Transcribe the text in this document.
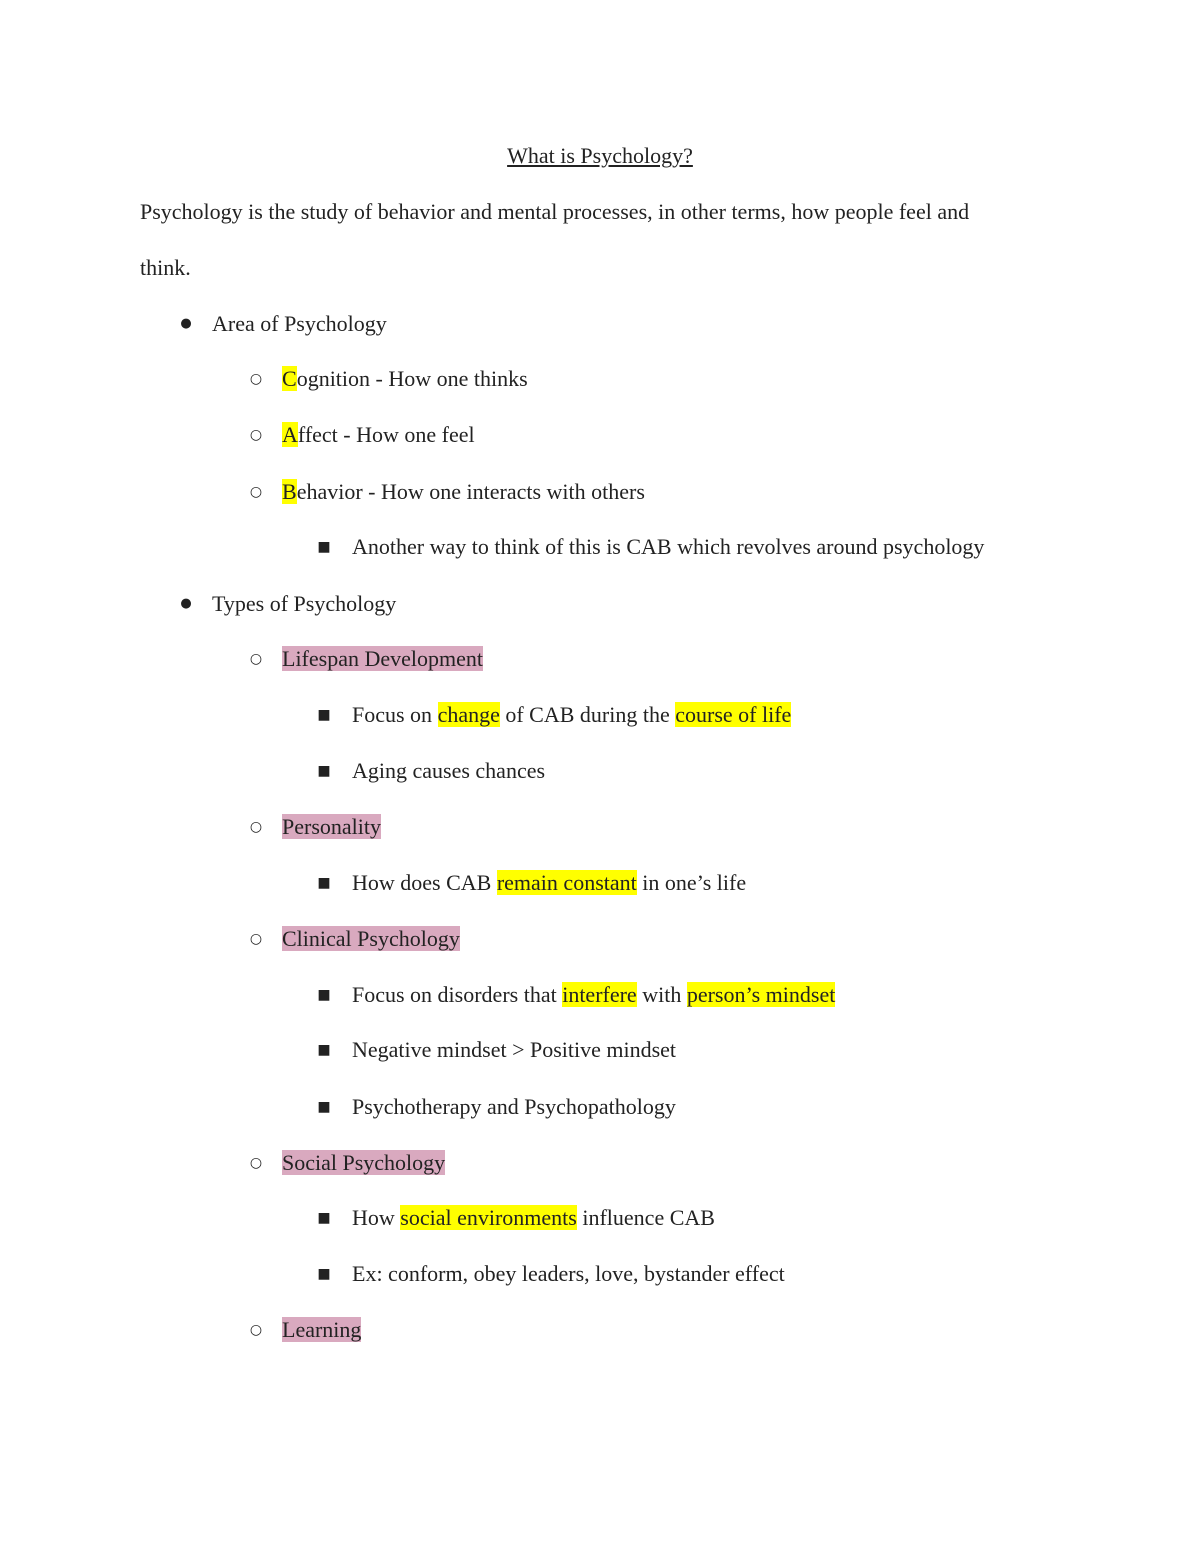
What is Psychology?
Psychology is the study of behavior and mental processes, in other terms, how people feel and
think.
● Area of Psychology
○ Cognition - How one thinks
○ Affect - How one feel
○ Behavior - How one interacts with others
■ Another way to think of this is CAB which revolves around psychology
● Types of Psychology
○ Lifespan Development
■ Focus on change of CAB during the course of life
■ Aging causes chances
○ Personality
■ How does CAB remain constant in one’s life
○ Clinical Psychology
■ Focus on disorders that interfere with person’s mindset
■ Negative mindset > Positive mindset
■ Psychotherapy and Psychopathology
○ Social Psychology
■ How social environments influence CAB
■ Ex: conform, obey leaders, love, bystander effect
○ Learning
